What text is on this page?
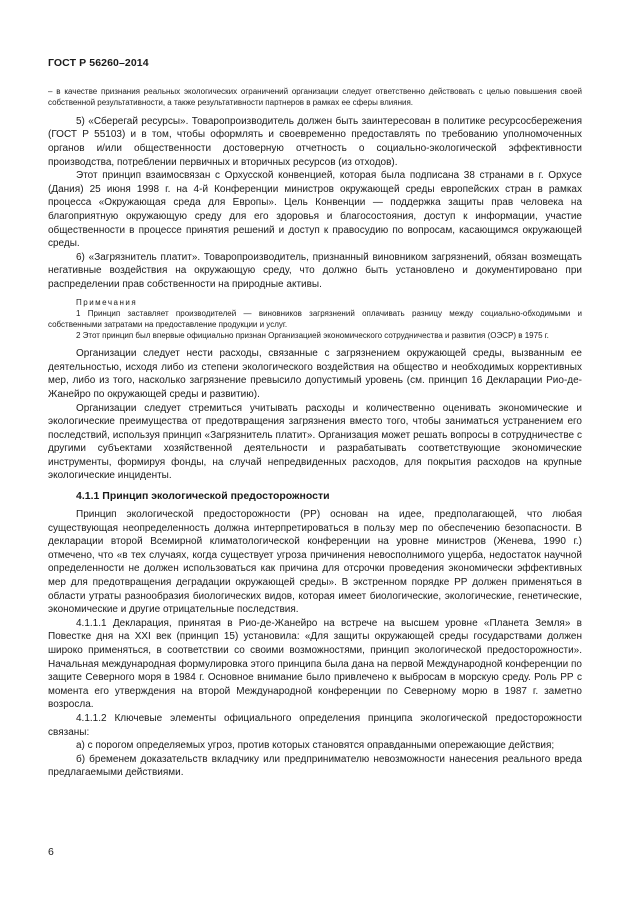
ГОСТ Р 56260–2014

– в качестве признания реальных экологических ограничений организации следует ответственно действовать с целью повышения своей собственной результативности, а также результативности партнеров в рамках ее сферы влияния.

5) «Сберегай ресурсы». Товаропроизводитель должен быть заинтересован в политике ресурсосбережения (ГОСТ Р 55103) и в том, чтобы оформлять и своевременно предоставлять по требованию уполномоченных органов и/или общественности достоверную отчетность о социально-экологической эффективности производства, потреблении первичных и вторичных ресурсов (из отходов).

Этот принцип взаимосвязан с Орхусской конвенцией, которая была подписана 38 странами в г. Орхусе (Дания) 25 июня 1998 г. на 4-й Конференции министров окружающей среды европейских стран в рамках процесса «Окружающая среда для Европы». Цель Конвенции — поддержка защиты прав человека на благоприятную окружающую среду для его здоровья и благосостояния, доступ к информации, участие общественности в процессе принятия решений и доступ к правосудию по вопросам, касающимся окружающей среды.

6) «Загрязнитель платит». Товаропроизводитель, признанный виновником загрязнений, обязан возмещать негативные воздействия на окружающую среду, что должно быть установлено и документировано при распределении прав собственности на природные активы.

Примечания

1 Принцип заставляет производителей — виновников загрязнений оплачивать разницу между социально-обходимыми и собственными затратами на предоставление продукции и услуг.

2 Этот принцип был впервые официально признан Организацией экономического сотрудничества и развития (ОЭСР) в 1975 г.

Организации следует нести расходы, связанные с загрязнением окружающей среды, вызванным ее деятельностью, исходя либо из степени экологического воздействия на общество и необходимых коррективных мер, либо из того, насколько загрязнение превысило допустимый уровень (см. принцип 16 Декларации Рио-де-Жанейро по окружающей среды и развитию).

Организации следует стремиться учитывать расходы и количественно оценивать экономические и экологические преимущества от предотвращения загрязнения вместо того, чтобы заниматься устранением его последствий, используя принцип «Загрязнитель платит». Организация может решать вопросы в сотрудничестве с другими субъектами хозяйственной деятельности и разрабатывать соответствующие экономические инструменты, формируя фонды, на случай непредвиденных расходов, для покрытия расходов на крупные экологические инциденты.

4.1.1 Принцип экологической предосторожности

Принцип экологической предосторожности (РР) основан на идее, предполагающей, что любая существующая неопределенность должна интерпретироваться в пользу мер по обеспечению безопасности. В декларации второй Всемирной климатологической конференции на уровне министров (Женева, 1990 г.) отмечено, что «в тех случаях, когда существует угроза причинения невосполнимого ущерба, недостаток научной определенности не должен использоваться как причина для отсрочки проведения экономически эффективных мер для предотвращения деградации окружающей среды». В экстренном порядке РР должен применяться в области утраты разнообразия биологических видов, которая имеет биологические, экологические, генетические, экономические и другие отрицательные последствия.

4.1.1.1 Декларация, принятая в Рио-де-Жанейро на встрече на высшем уровне «Планета Земля» в Повестке дня на XXI век (принцип 15) установила: «Для защиты окружающей среды государствами должен широко применяться, в соответствии со своими возможностями, принцип экологической предосторожности». Начальная международная формулировка этого принципа была дана на первой Международной конференции по защите Северного моря в 1984 г. Основное внимание было привлечено к выбросам в морскую среду. Роль РР с момента его утверждения на второй Международной конференции по Северному морю в 1987 г. заметно возросла.

4.1.1.2 Ключевые элементы официального определения принципа экологической предосторожности связаны:

а) с порогом определяемых угроз, против которых становятся оправданными опережающие действия;

б) бременем доказательств вкладчику или предпринимателю невозможности нанесения реального вреда предлагаемыми действиями.

6
